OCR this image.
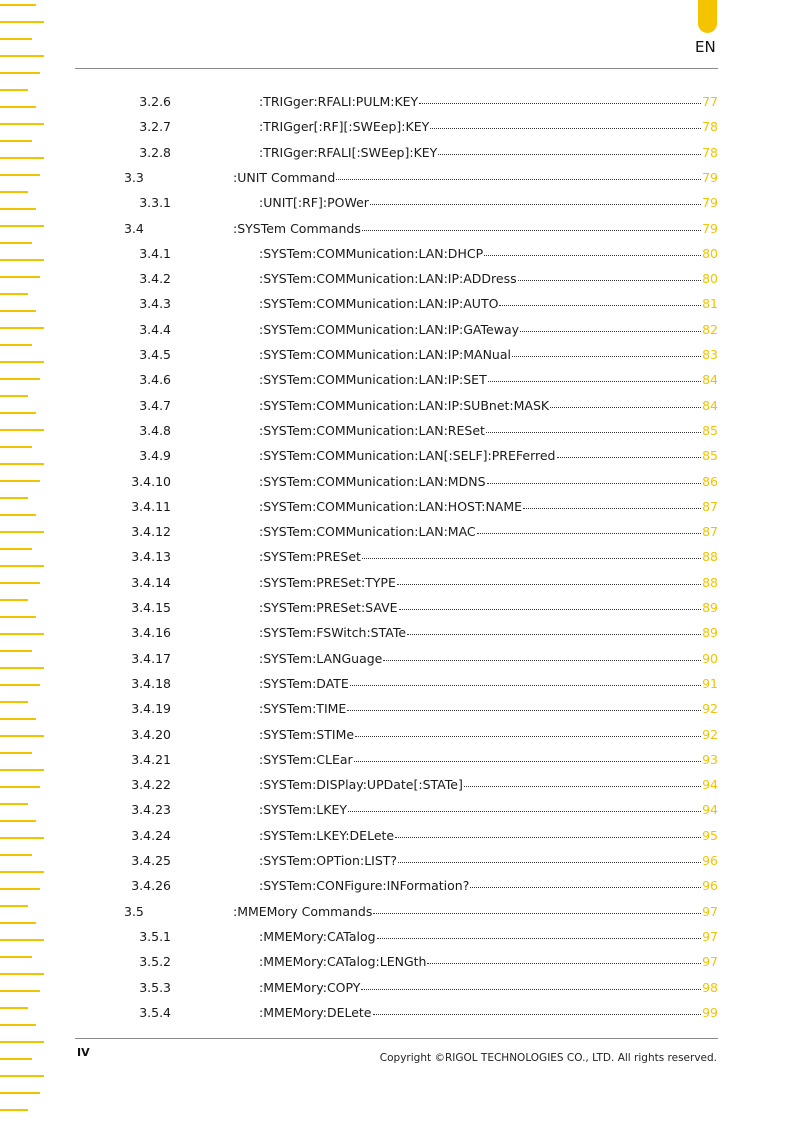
EN
3.2.6	:TRIGger:RFALI:PULM:KEY	77
3.2.7	:TRIGger[:RF][:SWEep]:KEY	78
3.2.8	:TRIGger:RFALI[:SWEep]:KEY	78
3.3	:UNIT Command	79
3.3.1	:UNIT[:RF]:POWer	79
3.4	:SYSTem Commands	79
3.4.1	:SYSTem:COMMunication:LAN:DHCP	80
3.4.2	:SYSTem:COMMunication:LAN:IP:ADDress	80
3.4.3	:SYSTem:COMMunication:LAN:IP:AUTO	81
3.4.4	:SYSTem:COMMunication:LAN:IP:GATeway	82
3.4.5	:SYSTem:COMMunication:LAN:IP:MANual	83
3.4.6	:SYSTem:COMMunication:LAN:IP:SET	84
3.4.7	:SYSTem:COMMunication:LAN:IP:SUBnet:MASK	84
3.4.8	:SYSTem:COMMunication:LAN:RESet	85
3.4.9	:SYSTem:COMMunication:LAN[:SELF]:PREFerred	85
3.4.10	:SYSTem:COMMunication:LAN:MDNS	86
3.4.11	:SYSTem:COMMunication:LAN:HOST:NAME	87
3.4.12	:SYSTem:COMMunication:LAN:MAC	87
3.4.13	:SYSTem:PRESet	88
3.4.14	:SYSTem:PRESet:TYPE	88
3.4.15	:SYSTem:PRESet:SAVE	89
3.4.16	:SYSTem:FSWitch:STATe	89
3.4.17	:SYSTem:LANGuage	90
3.4.18	:SYSTem:DATE	91
3.4.19	:SYSTem:TIME	92
3.4.20	:SYSTem:STIMe	92
3.4.21	:SYSTem:CLEar	93
3.4.22	:SYSTem:DISPlay:UPDate[:STATe]	94
3.4.23	:SYSTem:LKEY	94
3.4.24	:SYSTem:LKEY:DELete	95
3.4.25	:SYSTem:OPTion:LIST?	96
3.4.26	:SYSTem:CONFigure:INFormation?	96
3.5	:MMEMory Commands	97
3.5.1	:MMEMory:CATalog	97
3.5.2	:MMEMory:CATalog:LENGth	97
3.5.3	:MMEMory:COPY	98
3.5.4	:MMEMory:DELete	99
IV	Copyright ©RIGOL TECHNOLOGIES CO., LTD. All rights reserved.
